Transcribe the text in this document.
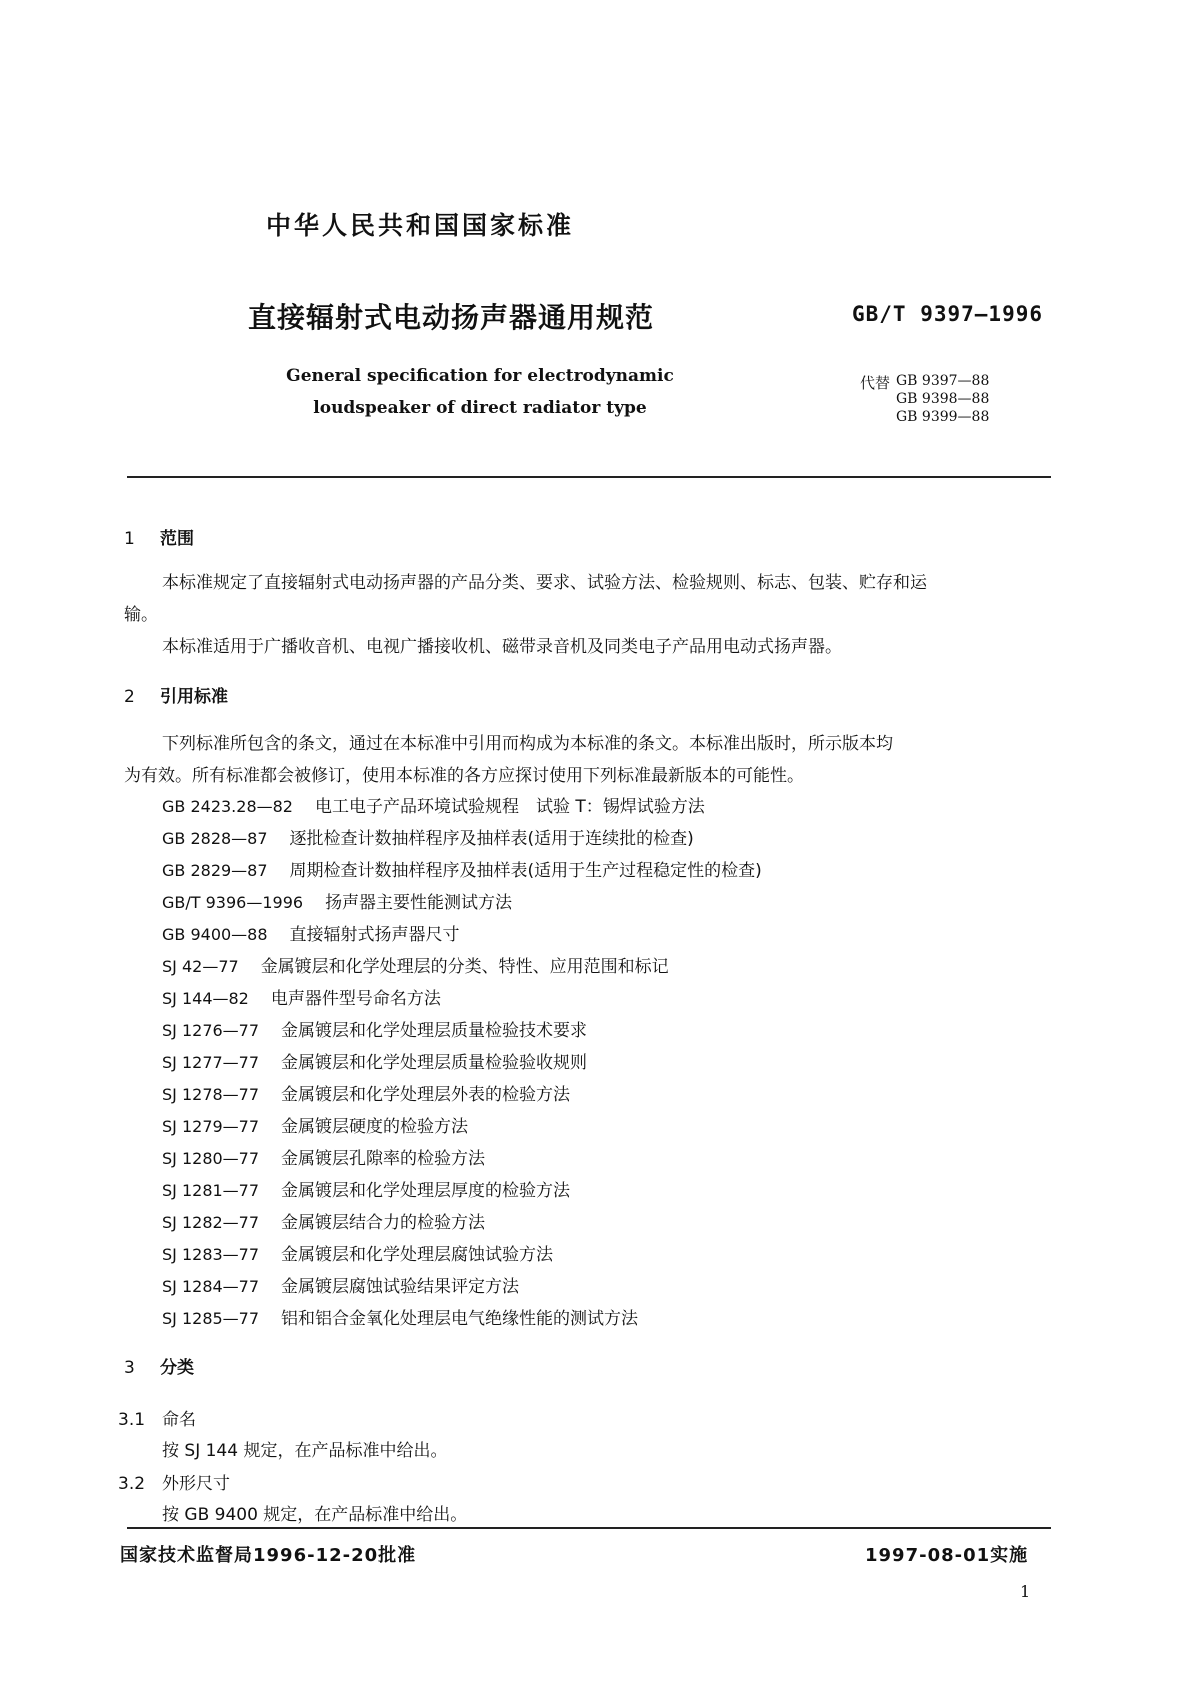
中华人民共和国国家标准
直接辐射式电动扬声器通用规范	GB/T 9397—1996
General specification for electrodynamic
loudspeaker of direct radiator type
代替 GB 9397—88
GB 9398—88
GB 9399—88
1 范围
本标准规定了直接辐射式电动扬声器的产品分类、要求、试验方法、检验规则、标志、包装、贮存和运
输。
本标准适用于广播收音机、电视广播接收机、磁带录音机及同类电子产品用电动式扬声器。
2 引用标准
下列标准所包含的条文，通过在本标准中引用而构成为本标准的条文。本标准出版时，所示版本均
为有效。所有标准都会被修订，使用本标准的各方应探讨使用下列标准最新版本的可能性。
GB 2423.28—82 电工电子产品环境试验规程　试验 T：锡焊试验方法
GB 2828—87 逐批检查计数抽样程序及抽样表(适用于连续批的检查)
GB 2829—87 周期检查计数抽样程序及抽样表(适用于生产过程稳定性的检查)
GB/T 9396—1996 扬声器主要性能测试方法
GB 9400—88 直接辐射式扬声器尺寸
SJ 42—77 金属镀层和化学处理层的分类、特性、应用范围和标记
SJ 144—82 电声器件型号命名方法
SJ 1276—77 金属镀层和化学处理层质量检验技术要求
SJ 1277—77 金属镀层和化学处理层质量检验验收规则
SJ 1278—77 金属镀层和化学处理层外表的检验方法
SJ 1279—77 金属镀层硬度的检验方法
SJ 1280—77 金属镀层孔隙率的检验方法
SJ 1281—77 金属镀层和化学处理层厚度的检验方法
SJ 1282—77 金属镀层结合力的检验方法
SJ 1283—77 金属镀层和化学处理层腐蚀试验方法
SJ 1284—77 金属镀层腐蚀试验结果评定方法
SJ 1285—77 铝和铝合金氧化处理层电气绝缘性能的测试方法
3 分类
3.1 命名
按 SJ 144 规定，在产品标准中给出。
3.2 外形尺寸
按 GB 9400 规定，在产品标准中给出。
国家技术监督局1996-12-20批准	1997-08-01实施
1
